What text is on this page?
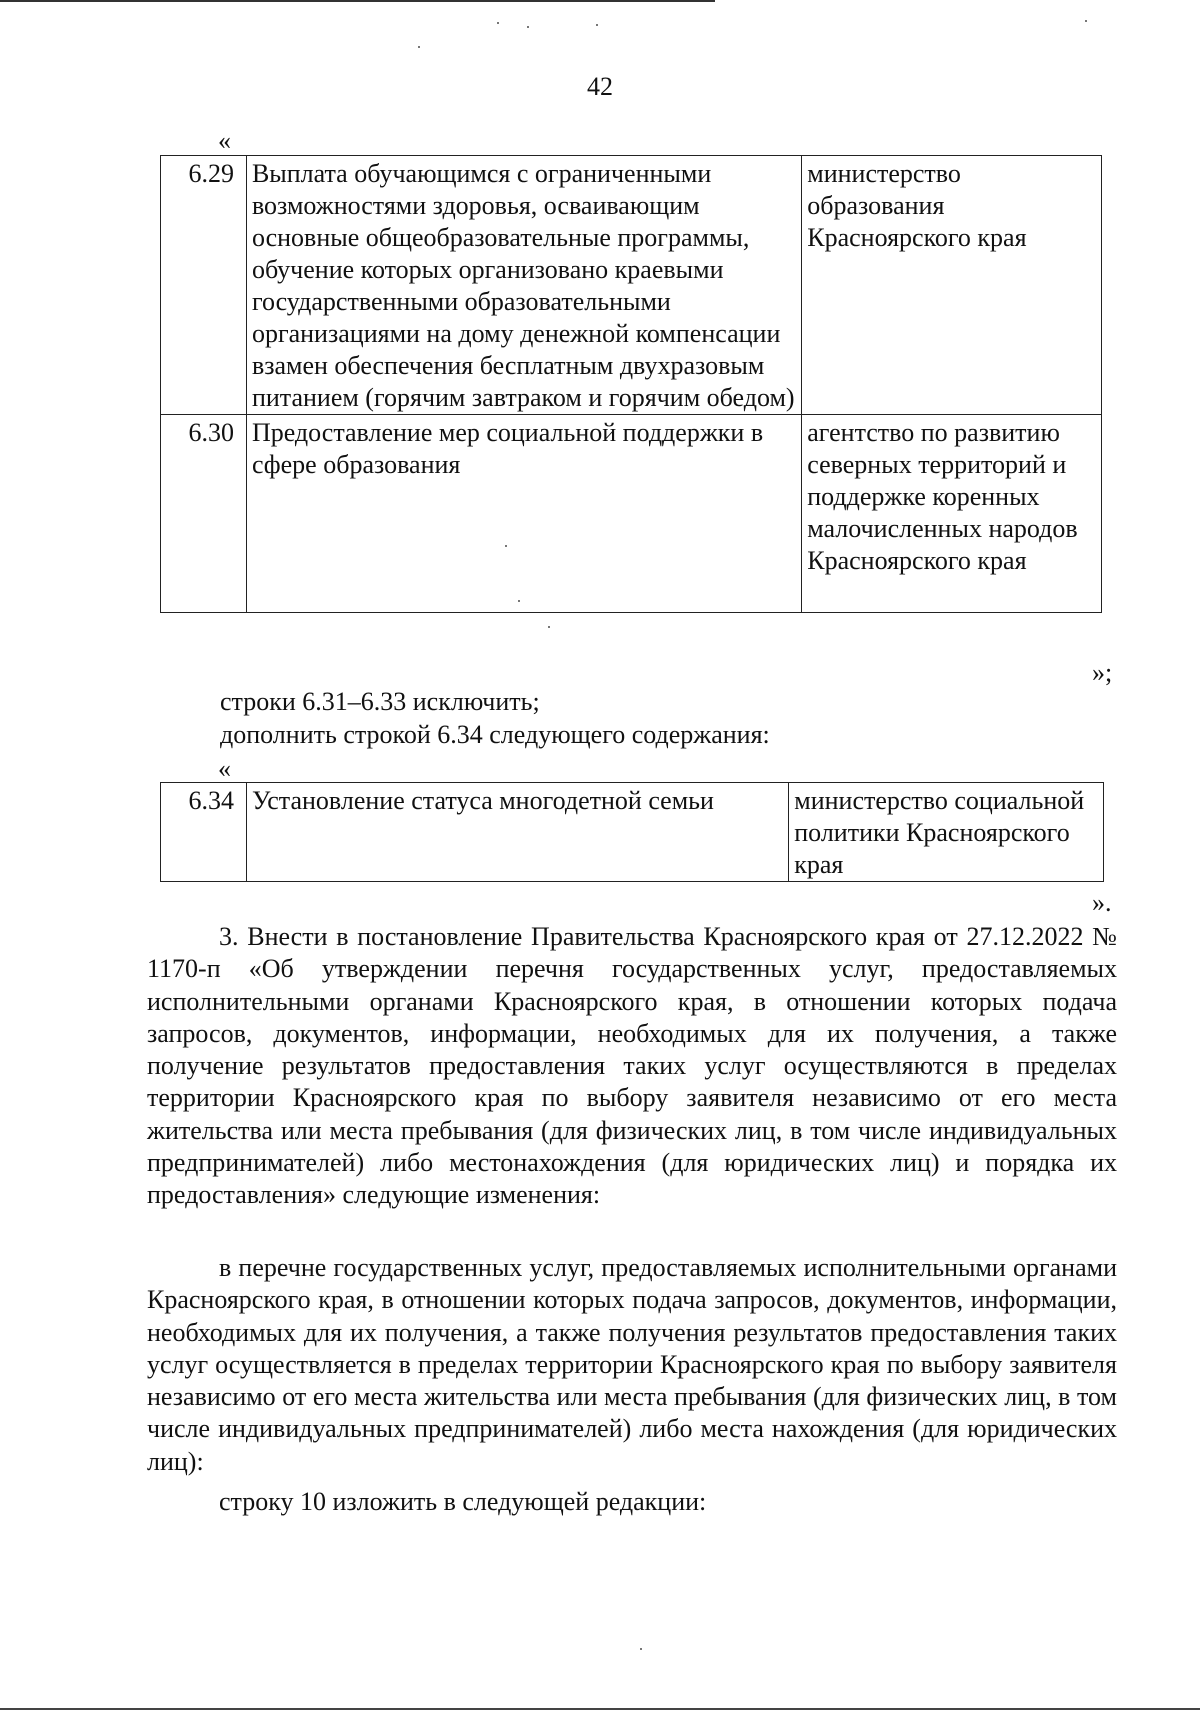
42
«
6.29	Выплата обучающимся с ограниченными возможностями здоровья, осваивающим основные общеобразовательные программы, обучение которых организовано краевыми государственными образовательными организациями на дому денежной компенсации взамен обеспечения бесплатным двухразовым питанием (горячим завтраком и горячим обедом)	министерство образования Красноярского края
6.30	Предоставление мер социальной поддержки в сфере образования	агентство по развитию северных территорий и поддержке коренных малочисленных народов Красноярского края
»;
строки 6.31–6.33 исключить;
дополнить строкой 6.34 следующего содержания:
«
6.34	Установление статуса многодетной семьи	министерство социальной политики Красноярского края
».

3. Внести в постановление Правительства Красноярского края от 27.12.2022 № 1170-п «Об утверждении перечня государственных услуг, предоставляемых исполнительными органами Красноярского края, в отношении которых подача запросов, документов, информации, необходимых для их получения, а также получение результатов предоставления таких услуг осуществляются в пределах территории Красноярского края по выбору заявителя независимо от его места жительства или места пребывания (для физических лиц, в том числе индивидуальных предпринимателей) либо местонахождения (для юридических лиц) и порядка их предоставления» следующие изменения:

в перечне государственных услуг, предоставляемых исполнительными органами Красноярского края, в отношении которых подача запросов, документов, информации, необходимых для их получения, а также получения результатов предоставления таких услуг осуществляется в пределах территории Красноярского края по выбору заявителя независимо от его места жительства или места пребывания (для физических лиц, в том числе индивидуальных предпринимателей) либо места нахождения (для юридических лиц):

строку 10 изложить в следующей редакции:
